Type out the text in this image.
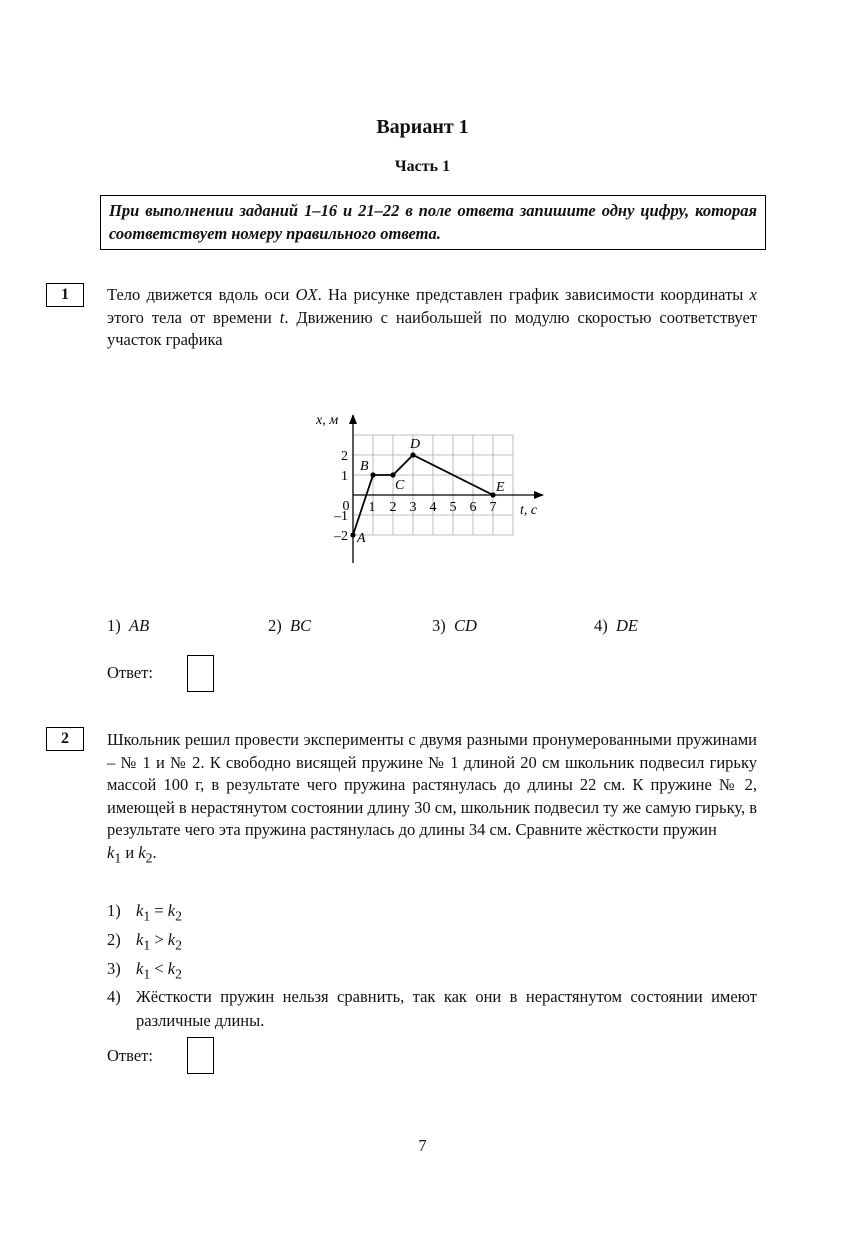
Вариант 1
Часть 1
При выполнении заданий 1–16 и 21–22 в поле ответа запишите одну цифру, которая соответствует номеру правильного ответа.
1	Тело движется вдоль оси OX. На рисунке представлен график зависимости координаты x этого тела от времени t. Движению с наибольшей по модулю скоростью соответствует участок графика
1 2 3 4 5 6 7
2
1
–1
–2
0	t, с
x, м
A
B
C
D
E
1) AB	2) BC	3) CD	4) DE
Ответ:
2	Школьник решил провести эксперименты с двумя разными пронумерованными пружинами – № 1 и № 2. К свободно висящей пружине № 1 длиной 20 см школьник подвесил гирьку массой 100 г, в результате чего пружина растянулась до длины 22 см. К пружине № 2, имеющей в нерастянутом состоянии длину 30 см, школьник подвесил ту же самую гирьку, в результате чего эта пружина растянулась до длины 34 см. Сравните жёсткости пружин
$k_1$ и $k_2$.
1) $k_1 = k_2$
2) $k_1 > k_2$
3) $k_1 < k_2$
4) Жёсткости пружин нельзя сравнить, так как они в нерастянутом состоянии имеют различные длины.
Ответ:
7
